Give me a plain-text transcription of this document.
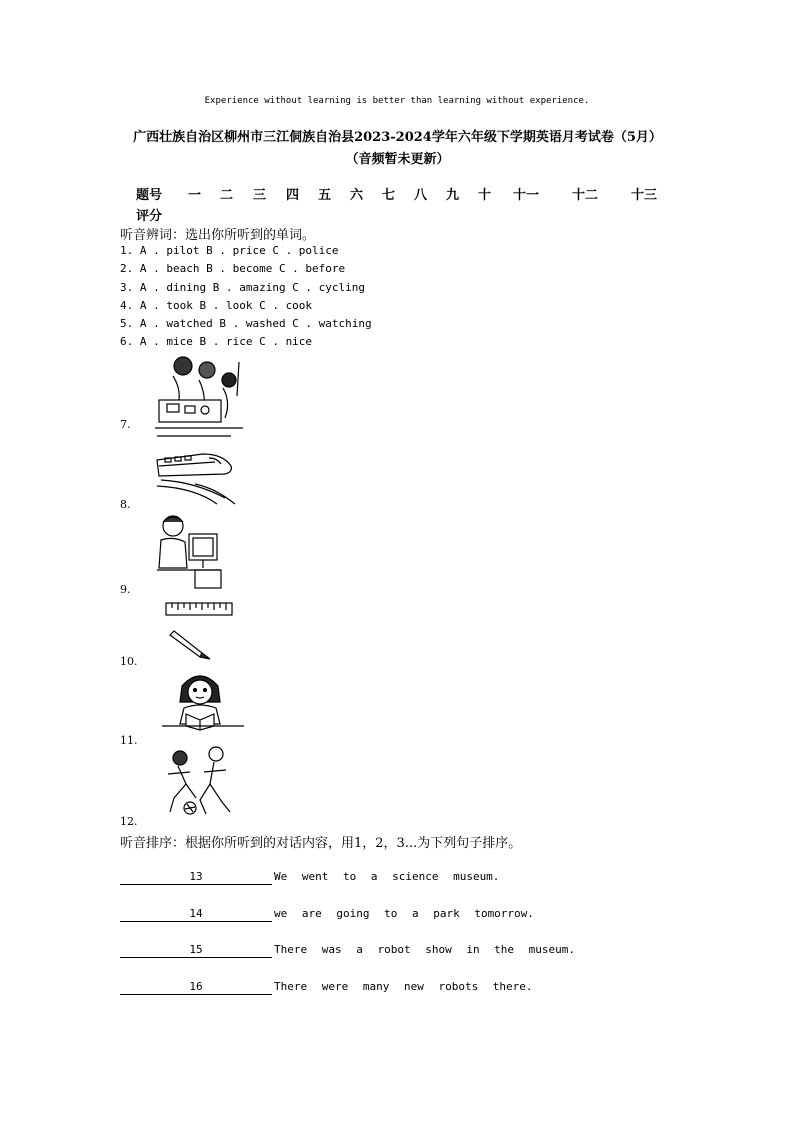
Experience without learning is better than learning without experience.
广西壮族自治区柳州市三江侗族自治县2023-2024学年六年级下学期英语月考试卷（5月）（音频暂未更新）
题号 一 二 三 四 五 六 七 八 九 十 十一	十二	十三
评分
听音辨词：选出你所听到的单词。
1. A . pilot B . price C . police
2. A . beach B . become C . before
3. A . dining B . amazing C . cycling
4. A . took B . look C . cook
5. A . watched B . washed C . watching
6. A . mice B . rice C . nice
7.
8.
9.
10.
11.
12.
听音排序：根据你所听到的对话内容，用1，2，3...为下列句子排序。
13	We went to a science museum.
14	we are going to a park tomorrow.
15	There was a robot show in the museum.
16	There were many new robots there.
